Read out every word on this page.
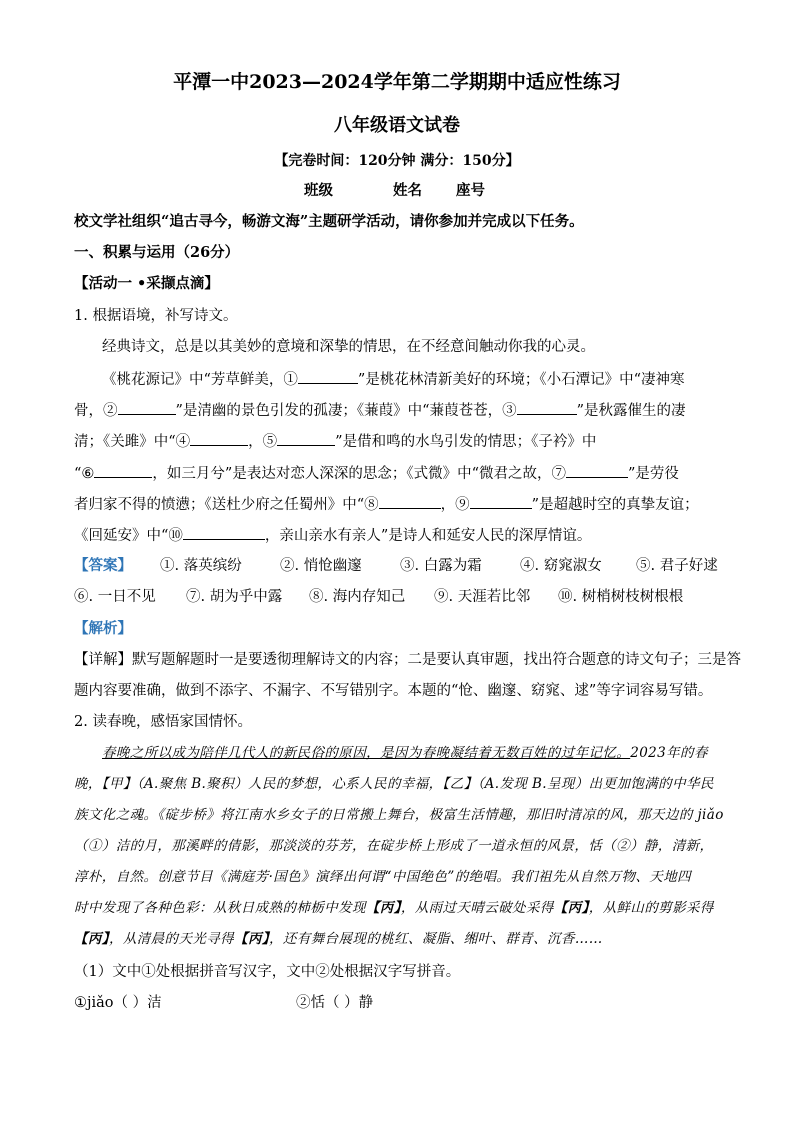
平潭一中2023—2024学年第二学期期中适应性练习
八年级语文试卷
【完卷时间：120分钟 满分：150分】
班级	姓名 座号
校文学社组织“追古寻今，畅游文海”主题研学活动，请你参加并完成以下任务。
一、积累与运用（26分）
【活动一 •采撷点滴】
1. 根据语境，补写诗文。
经典诗文，总是以其美妙的意境和深挚的情思，在不经意间触动你我的心灵。
《桃花源记》中“芳草鲜美，①	”是桃花林清新美好的环境；《小石潭记》中“凄神寒
骨，②	”是清幽的景色引发的孤凄；《蒹葭》中“蒹葭苍苍，③	”是秋露催生的凄
清；《关雎》中“④	，⑤	”是借和鸣的水鸟引发的情思；《子衿》中
“⑥	，如三月兮”是表达对恋人深深的思念；《式微》中“微君之故，⑦	”是劳役
者归家不得的愤懑；《送杜少府之任蜀州》中“⑧	，⑨	”是超越时空的真挚友谊；
《回延安》中“⑩	，亲山亲水有亲人”是诗人和延安人民的深厚情谊。
【答案】 ①. 落英缤纷	②. 悄怆幽邃	③. 白露为霜	④. 窈窕淑女 ⑤. 君子好逑
⑥. 一日不见 ⑦. 胡为乎中露 ⑧. 海内存知己 ⑨. 天涯若比邻 ⑩. 树梢树枝树根根
【解析】
【详解】默写题解题时一是要透彻理解诗文的内容；二是要认真审题，找出符合题意的诗文句子；三是答
题内容要准确，做到不添字、不漏字、不写错别字。本题的“怆、幽邃、窈窕、逑”等字词容易写错。
2. 读春晚，感悟家国情怀。
春晚之所以成为陪伴几代人的新民俗的原因，是因为春晚凝结着无数百姓的过年记忆。2023年的春
晚，【甲】（A.聚焦 B.聚积）人民的梦想，心系人民的幸福，【乙】（A.发现 B.呈现）出更加饱满的中华民
族文化之魂。《碇步桥》将江南水乡女子的日常搬上舞台，极富生活情趣，那旧时清凉的风，那天边的 jiǎo
（①）洁的月，那溪畔的倩影，那淡淡的芬芳，在碇步桥上形成了一道永恒的风景，恬（②）静，清新，
淳朴，自然。创意节目《满庭芳·国色》演绎出何谓“中国绝色”的绝唱。我们祖先从自然万物、天地四
时中发现了各种色彩：从秋日成熟的柿栃中发现【丙】，从雨过天晴云破处采得【丙】，从鲜山的剪影采得
【丙】，从清晨的天光寻得【丙】，还有舞台展现的桃红、凝脂、缃叶、群青、沉香……
（1）文中①处根据拼音写汉字，文中②处根据汉字写拼音。
①jiǎo（ ）洁	②恬（ ）静
